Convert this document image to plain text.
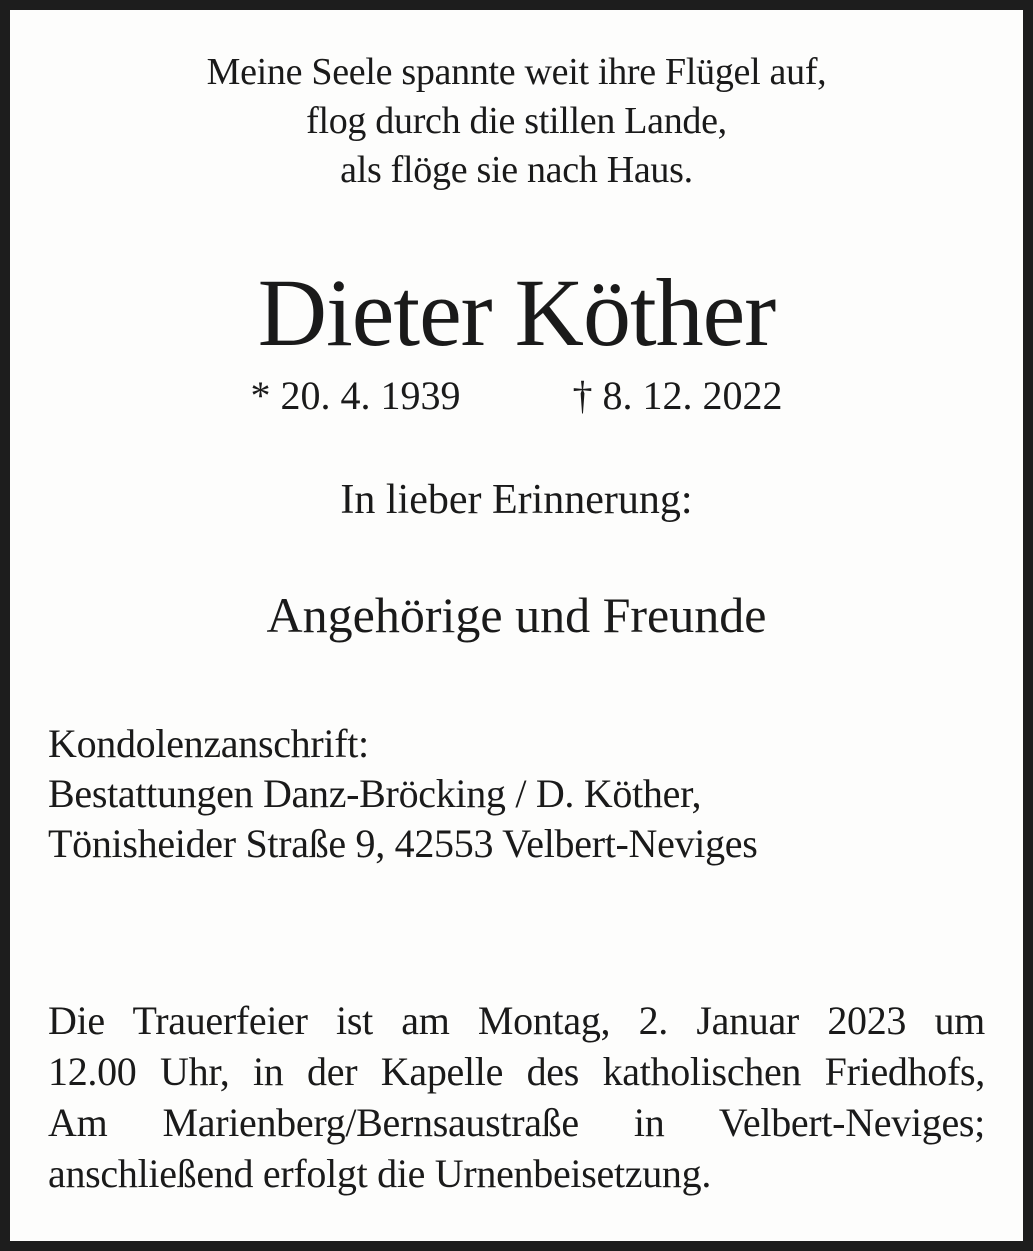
Meine Seele spannte weit ihre Flügel auf,
flog durch die stillen Lande,
als flöge sie nach Haus.
Dieter Köther
* 20. 4. 1939	† 8. 12. 2022
In lieber Erinnerung:
Angehörige und Freunde
Kondolenzanschrift:
Bestattungen Danz-Bröcking / D. Köther,
Tönisheider Straße 9, 42553 Velbert-Neviges
Die Trauerfeier ist am Montag, 2. Januar 2023 um
12.00 Uhr, in der Kapelle des katholischen Friedhofs,
Am Marienberg/Bernsaustraße in Velbert-Neviges;
anschließend erfolgt die Urnenbeisetzung.
